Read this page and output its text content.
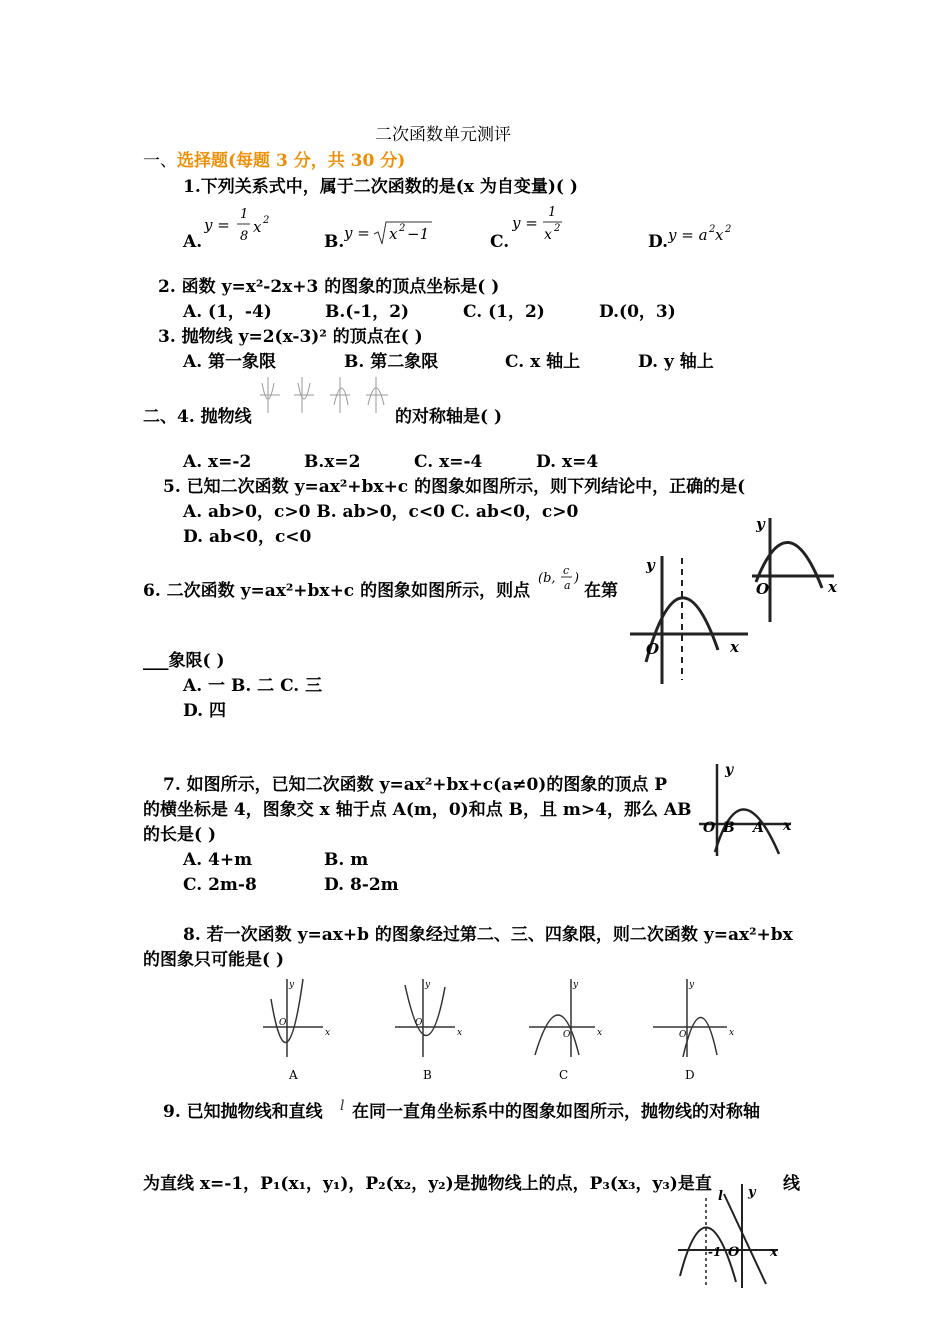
二次函数单元测评
一、选择题(每题 3 分，共 30 分)
1.下列关系式中，属于二次函数的是(x 为自变量)( )
A.
y =
1
8
x 2
B. y = x 2 −1	C.
y =
1
x 2
D. y = a 2 x 2
2. 函数 y=x²-2x+3 的图象的顶点坐标是( )
A. (1，-4)	B.(-1，2)	C. (1，2)	D.(0，3)
3. 抛物线 y=2(x-3)² 的顶点在( )
A. 第一象限	B. 第二象限	C. x 轴上	D. y 轴上
二、4. 抛物线	的对称轴是( )
A. x=-2	B.x=2	C. x=-4	D. x=4
5. 已知二次函数 y=ax²+bx+c 的图象如图所示，则下列结论中，正确的是(
A. ab>0，c>0 B. ab>0，c<0 C. ab<0，c>0
D. ab<0，c<0
y
O	x
6. 二次函数 y=ax²+bx+c 的图象如图所示，则点
(b,
c
a )
在第
___象限( )
A. 一 B. 二 C. 三
D. 四
y
O	x
7. 如图所示，已知二次函数 y=ax²+bx+c(a≠0)的图象的顶点 P
的横坐标是 4，图象交 x 轴于点 A(m，0)和点 B，且 m>4，那么 AB
的长是( )
A. 4+m	B. m
C. 2m-8	D. 8-2m
y
O B A x
8. 若一次函数 y=ax+b 的图象经过第二、三、四象限，则二次函数 y=ax²+bx
的图象只可能是( )
y	y	y	y
x	x	x	x
O	O
O	O
A	B	C	D
9. 已知抛物线和直线 l 在同一直角坐标系中的图象如图所示，抛物线的对称轴
为直线 x=-1，P₁(x₁，y₁)，P₂(x₂，y₂)是抛物线上的点，P₃(x₃，y₃)是直	线
l y
-1 O x
